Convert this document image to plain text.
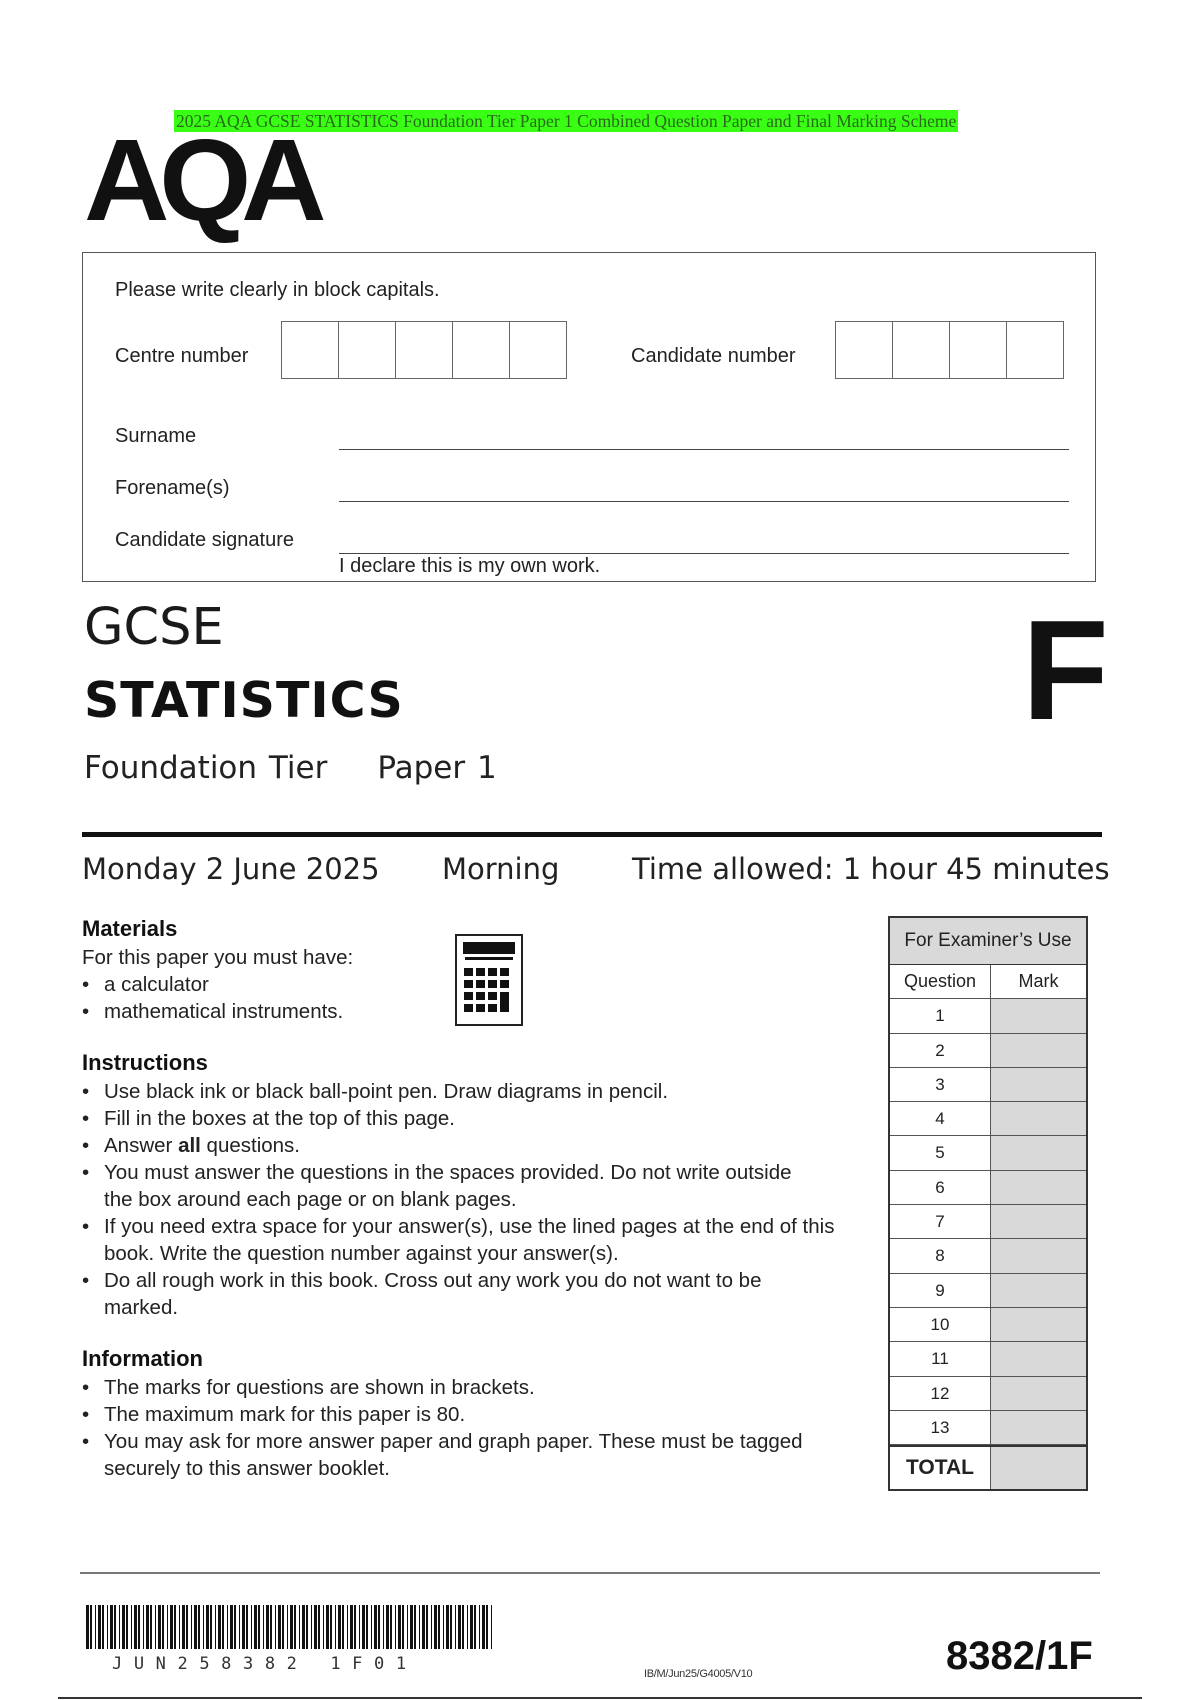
2025 AQA GCSE STATISTICS Foundation Tier Paper 1 Combined Question Paper and Final Marking Scheme
AQA
Please write clearly in block capitals.
Centre number	Candidate number
Surname
Forename(s)
Candidate signature
I declare this is my own work.
GCSE
STATISTICS
Foundation Tier Paper 1
F
Monday 2 June 2025 Morning	Time allowed: 1 hour 45 minutes
Materials
For this paper you must have:
• a calculator
• mathematical instruments.
Instructions
• Use black ink or black ball-point pen. Draw diagrams in pencil.
• Fill in the boxes at the top of this page.
• Answer all questions.
• You must answer the questions in the spaces provided. Do not write outside the box around each page or on blank pages.
• If you need extra space for your answer(s), use the lined pages at the end of this book. Write the question number against your answer(s).
• Do all rough work in this book. Cross out any work you do not want to be marked.
Information
• The marks for questions are shown in brackets.
• The maximum mark for this paper is 80.
• You may ask for more answer paper and graph paper. These must be tagged securely to this answer booklet.
For Examiner’s Use
Question	Mark
1
2
3
4
5
6
7
8
9
10
11
12
13
TOTAL
JUN258382 1F01	IB/M/Jun25/G4005/V10	8382/1F
